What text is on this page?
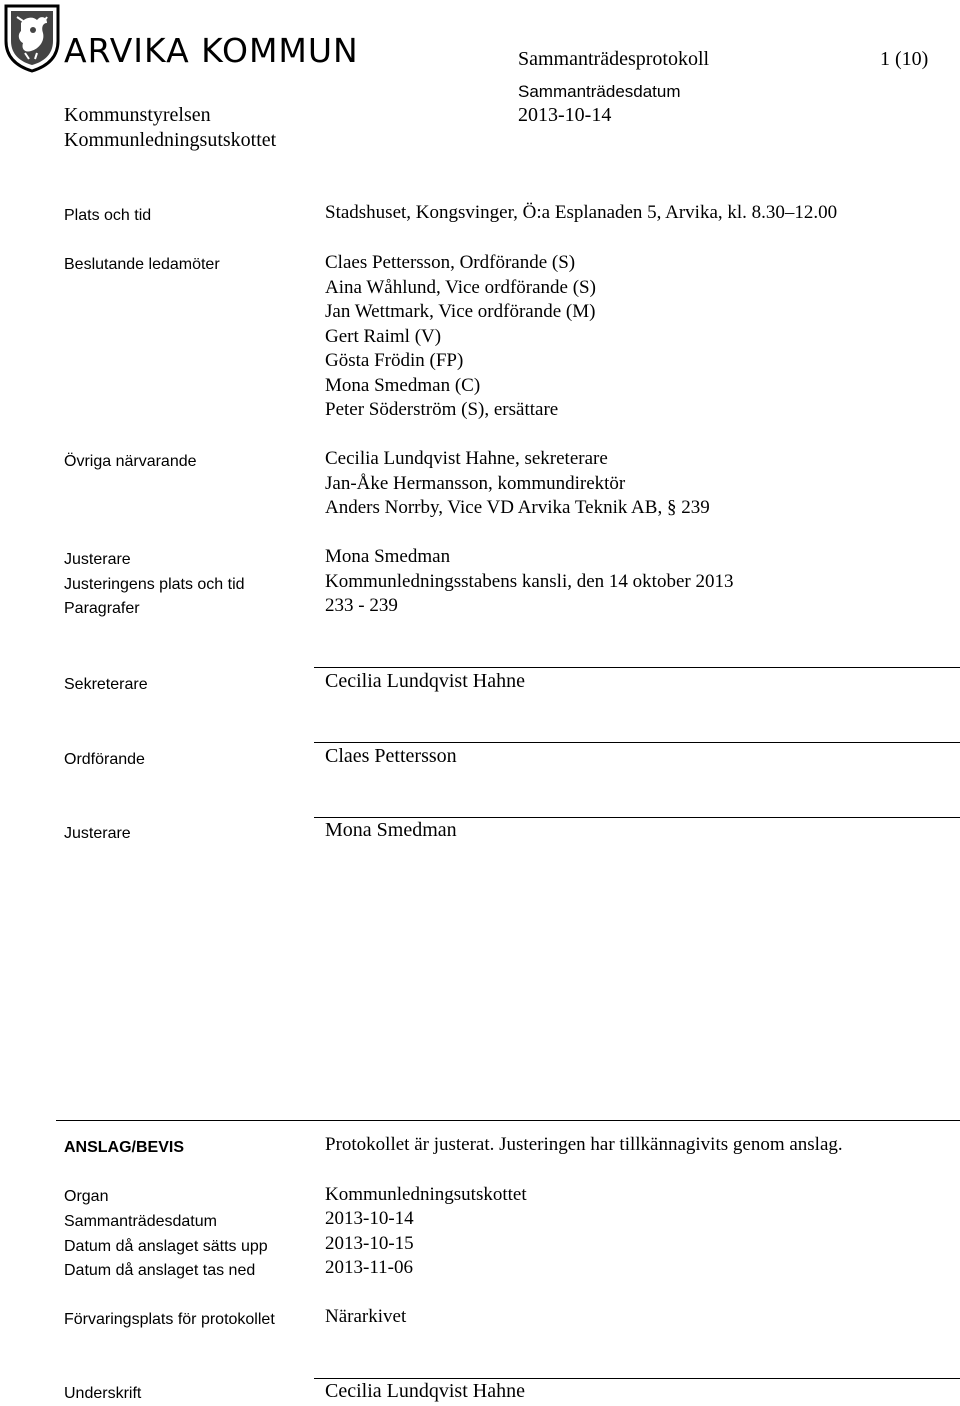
ARVIKA KOMMUN	Sammanträdesprotokoll	1 (10)
Kommunstyrelsen
Kommunledningsutskottet
Sammanträdesdatum
2013-10-14
Plats och tid	Stadshuset, Kongsvinger, Ö:a Esplanaden 5, Arvika, kl. 8.30–12.00
Beslutande ledamöter	Claes Pettersson, Ordförande (S)
Aina Wåhlund, Vice ordförande (S)
Jan Wettmark, Vice ordförande (M)
Gert Raiml (V)
Gösta Frödin (FP)
Mona Smedman (C)
Peter Söderström (S), ersättare
Övriga närvarande	Cecilia Lundqvist Hahne, sekreterare
Jan-Åke Hermansson, kommundirektör
Anders Norrby, Vice VD Arvika Teknik AB, § 239
Justerare	Mona Smedman
Justeringens plats och tid	Kommunledningsstabens kansli, den 14 oktober 2013
Paragrafer	233 - 239
Sekreterare	Cecilia Lundqvist Hahne
Ordförande	Claes Pettersson
Justerare	Mona Smedman
ANSLAG/BEVIS	Protokollet är justerat. Justeringen har tillkännagivits genom anslag.
Organ	Kommunledningsutskottet
Sammanträdesdatum	2013-10-14
Datum då anslaget sätts upp	2013-10-15
Datum då anslaget tas ned	2013-11-06
Förvaringsplats för protokollet	Närarkivet
Underskrift	Cecilia Lundqvist Hahne
